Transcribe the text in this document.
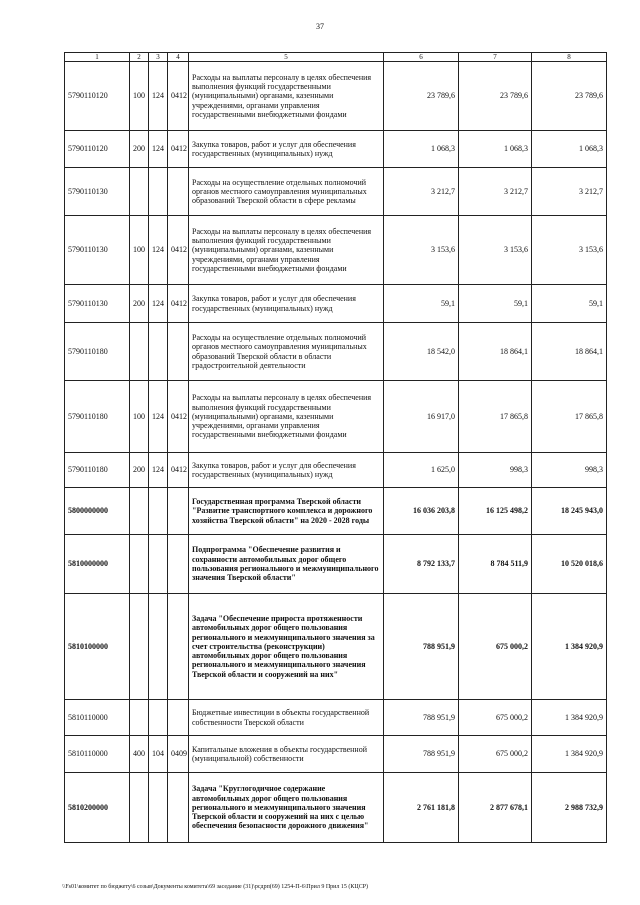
37
1	2	3	4	5	6	7	8
5790110120	100	124	0412	Расходы на выплаты персоналу в целях обеспечения выполнения функций государственными (муниципальными) органами, казенными учреждениями, органами управления государственными внебюджетными фондами	23 789,6	23 789,6	23 789,6
5790110120	200	124	0412	Закупка товаров, работ и услуг для обеспечения государственных (муниципальных) нужд	1 068,3	1 068,3	1 068,3
5790110130				Расходы на осуществление отдельных полномочий органов местного самоуправления муниципальных образований Тверской области в сфере рекламы	3 212,7	3 212,7	3 212,7
5790110130	100	124	0412	Расходы на выплаты персоналу в целях обеспечения выполнения функций государственными (муниципальными) органами, казенными учреждениями, органами управления государственными внебюджетными фондами	3 153,6	3 153,6	3 153,6
5790110130	200	124	0412	Закупка товаров, работ и услуг для обеспечения государственных (муниципальных) нужд	59,1	59,1	59,1
5790110180				Расходы на осуществление отдельных полномочий органов местного самоуправления муниципальных образований Тверской области в области градостроительной деятельности	18 542,0	18 864,1	18 864,1
5790110180	100	124	0412	Расходы на выплаты персоналу в целях обеспечения выполнения функций государственными (муниципальными) органами, казенными учреждениями, органами управления государственными внебюджетными фондами	16 917,0	17 865,8	17 865,8
5790110180	200	124	0412	Закупка товаров, работ и услуг для обеспечения государственных (муниципальных) нужд	1 625,0	998,3	998,3
5800000000				Государственная программа Тверской области "Развитие транспортного комплекса и дорожного хозяйства Тверской области" на 2020 - 2028 годы	16 036 203,8	16 125 498,2	18 245 943,0
5810000000				Подпрограмма "Обеспечение развития и сохранности автомобильных дорог общего пользования регионального и межмуниципального значения Тверской области"	8 792 133,7	8 784 511,9	10 520 018,6
5810100000				Задача "Обеспечение прироста протяженности автомобильных дорог общего пользования регионального и межмуниципального значения за счет строительства (реконструкции) автомобильных дорог общего пользования регионального и межмуниципального значения Тверской области и сооружений на них"	788 951,9	675 000,2	1 384 920,9
5810110000				Бюджетные инвестиции в объекты государственной собственности Тверской области	788 951,9	675 000,2	1 384 920,9
5810110000	400	104	0409	Капитальные вложения в объекты государственной (муниципальной) собственности	788 951,9	675 000,2	1 384 920,9
5810200000				Задача "Круглогодичное содержание автомобильных дорог общего пользования регионального и межмуниципального значения Тверской области и сооружений на них с целью обеспечения безопасности дорожного движения"	2 761 181,8	2 877 678,1	2 988 732,9
\\Fs01\комитет по бюджету\6 созыв\Документы комитета\69 заседание (31)\рсдрп(69) 1254-П-6\Прил 9 Прил 15 (КЦСР)
